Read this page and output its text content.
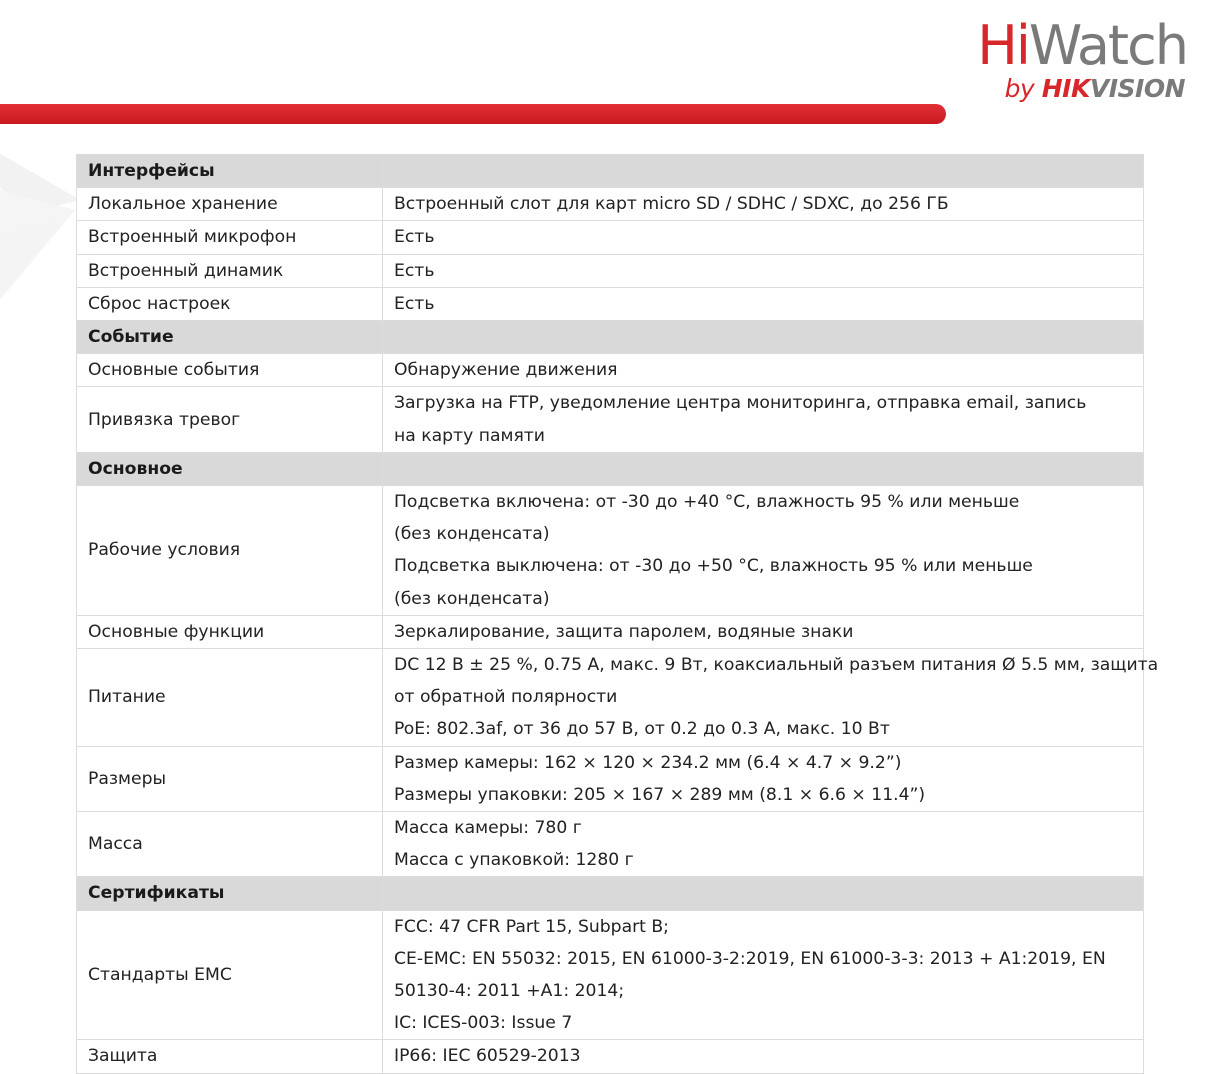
HiWatch
by HIKVISION
Интерфейсы	
Локальное хранение	Встроенный слот для карт micro SD / SDHC / SDXC, до 256 ГБ

Встроенный микрофон	Есть

Встроенный динамик	Есть

Сброс настроек	Есть

Событие	
Основные события	Обнаружение движения

Привязка тревог	Загрузка на FTP, уведомление центра мониторинга, отправка email, запись
на карту памяти

Основное	
Рабочие условия	Подсветка включена: от -30 до +40 °C, влажность 95 % или меньше
(без конденсата)
Подсветка выключена: от -30 до +50 °C, влажность 95 % или меньше
(без конденсата)

Основные функции	Зеркалирование, защита паролем, водяные знаки

Питание	DC 12 В ± 25 %, 0.75 А, макс. 9 Вт, коаксиальный разъем питания Ø 5.5 мм, защита
от обратной полярности
PoE: 802.3af, от 36 до 57 В, от 0.2 до 0.3 А, макс. 10 Вт

Размеры	Размер камеры: 162 × 120 × 234.2 мм (6.4 × 4.7 × 9.2”)
Размеры упаковки: 205 × 167 × 289 мм (8.1 × 6.6 × 11.4”)

Масса	Масса камеры: 780 г
Масса с упаковкой: 1280 г

Сертификаты	
Стандарты EMC	FCC: 47 CFR Part 15, Subpart B;
CE-EMC: EN 55032: 2015, EN 61000-3-2:2019, EN 61000-3-3: 2013 + A1:2019, EN
50130-4: 2011 +A1: 2014;
IC: ICES-003: Issue 7

Защита	IP66: IEC 60529-2013
